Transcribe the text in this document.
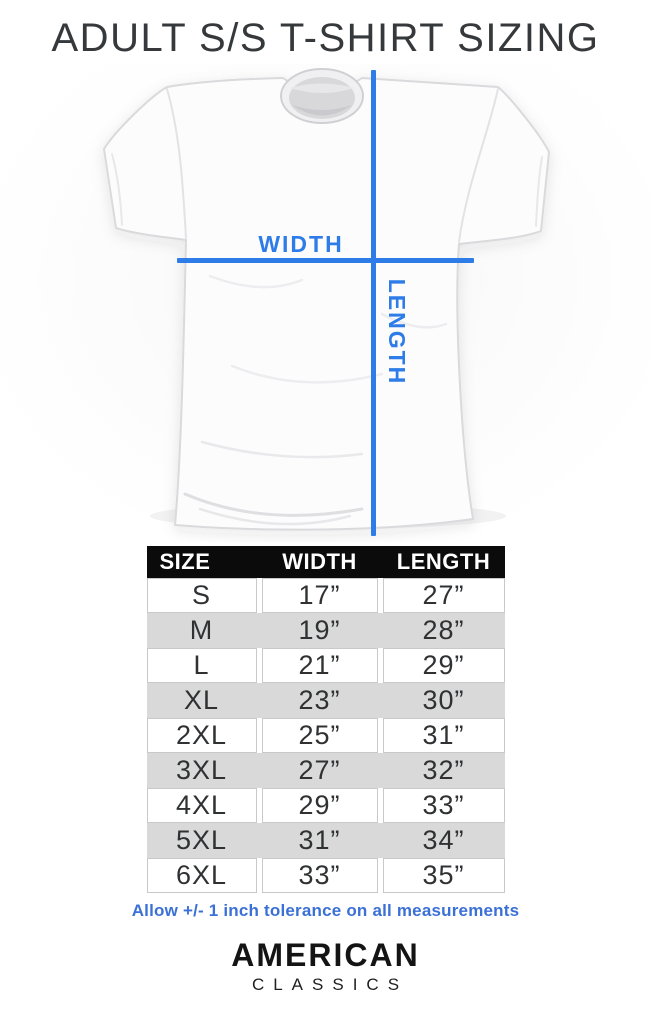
ADULT S/S T-SHIRT SIZING
WIDTH
LENGTH
SIZE	WIDTH	LENGTH
S	17”	27”
M	19”	28”
L	21”	29”
XL	23”	30”
2XL	25”	31”
3XL	27”	32”
4XL	29”	33”
5XL	31”	34”
6XL	33”	35”

Allow +/- 1 inch tolerance on all measurements

AMERICAN
CLASSICS
